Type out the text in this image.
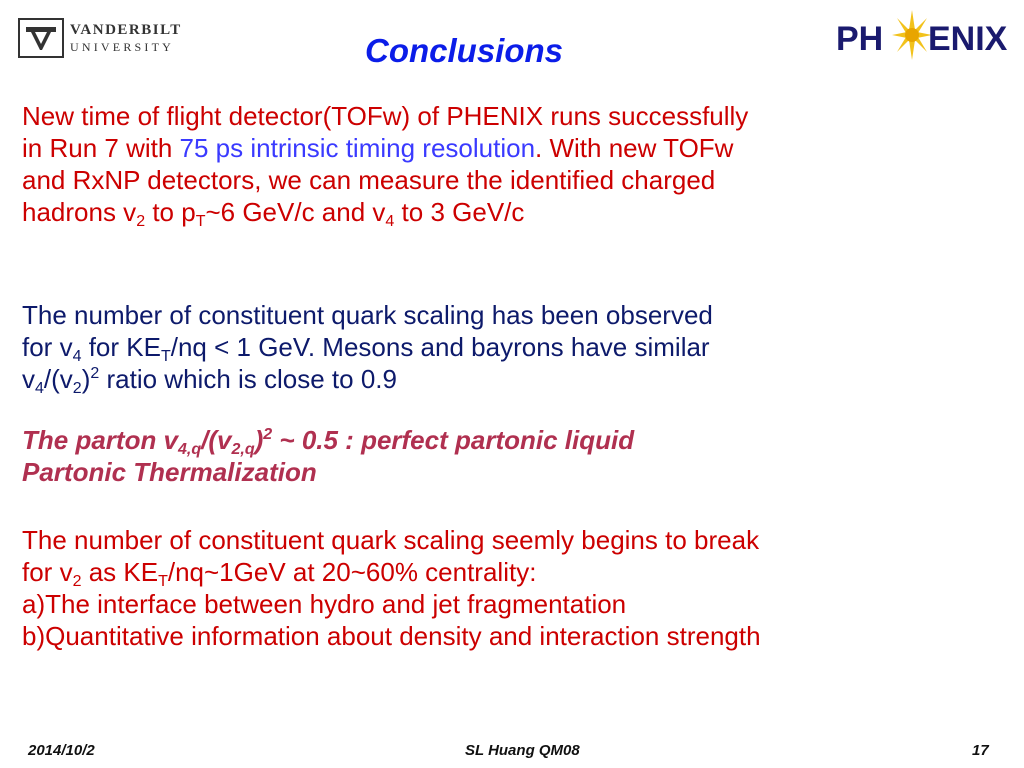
VANDERBILT
UNIVERSITY	PH ENIX
Conclusions
New time of flight detector(TOFw) of PHENIX runs successfully
in Run 7 with 75 ps intrinsic timing resolution. With new TOFw
and RxNP detectors, we can measure the identified charged
hadrons $v_2$ to $p_T\sim 6$ GeV/c and $v_4$ to 3 GeV/c
The number of constituent quark scaling has been observed
for $v_4$ for $KE_T/nq < 1$ GeV. Mesons and bayrons have similar
$v_4/(v_2)^2$ ratio which is close to 0.9
The parton $v_{4,q}/(v_{2,q})^2$ ~ 0.5 : perfect partonic liquid
Partonic Thermalization
The number of constituent quark scaling seemly begins to break
for $v_2$ as $KE_T/nq\sim 1GeV$ at 20~60% centrality:
a)The interface between hydro and jet fragmentation
b)Quantitative information about density and interaction strength
2014/10/2	SL Huang QM08	17
